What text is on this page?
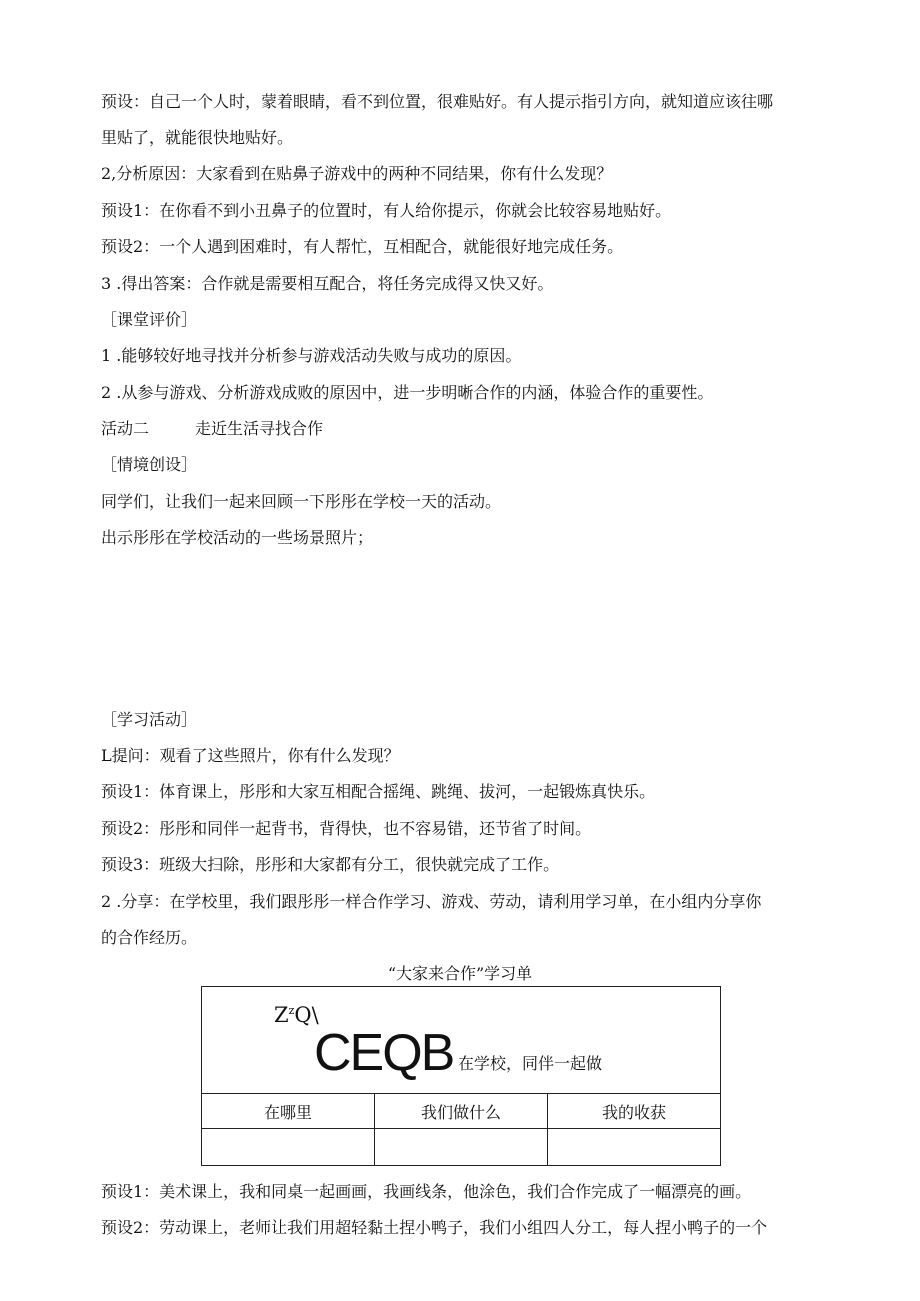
预设：自己一个人时，蒙着眼睛，看不到位置，很难贴好。有人提示指引方向，就知道应该往哪
里贴了，就能很快地贴好。
2,分析原因：大家看到在贴鼻子游戏中的两种不同结果，你有什么发现？
预设1：在你看不到小丑鼻子的位置时，有人给你提示，你就会比较容易地贴好。
预设2：一个人遇到困难时，有人帮忙，互相配合，就能很好地完成任务。
3 .得出答案：合作就是需要相互配合，将任务完成得又快又好。
［课堂评价］
1 .能够较好地寻找并分析参与游戏活动失败与成功的原因。
2 .从参与游戏、分析游戏成败的原因中，进一步明晰合作的内涵，体验合作的重要性。
活动二	走近生活寻找合作
［情境创设］
同学们，让我们一起来回顾一下彤彤在学校一天的活动。
出示彤彤在学校活动的一些场景照片；
［学习活动］
L提问：观看了这些照片，你有什么发现？
预设1：体育课上，彤彤和大家互相配合摇绳、跳绳、拔河，一起锻炼真快乐。
预设2：彤彤和同伴一起背书，背得快，也不容易错，还节省了时间。
预设3：班级大扫除，彤彤和大家都有分工，很快就完成了工作。
2 .分享：在学校里，我们跟彤彤一样合作学习、游戏、劳动，请利用学习单，在小组内分享你
的合作经历。
“大家来合作”学习单
$Z^zQ\backslash$
CEQB 在学校，同伴一起做		

在哪里	我们做什么	我的收获

预设1：美术课上，我和同桌一起画画，我画线条，他涂色，我们合作完成了一幅漂亮的画。
预设2：劳动课上，老师让我们用超轻黏土捏小鸭子，我们小组四人分工，每人捏小鸭子的一个
